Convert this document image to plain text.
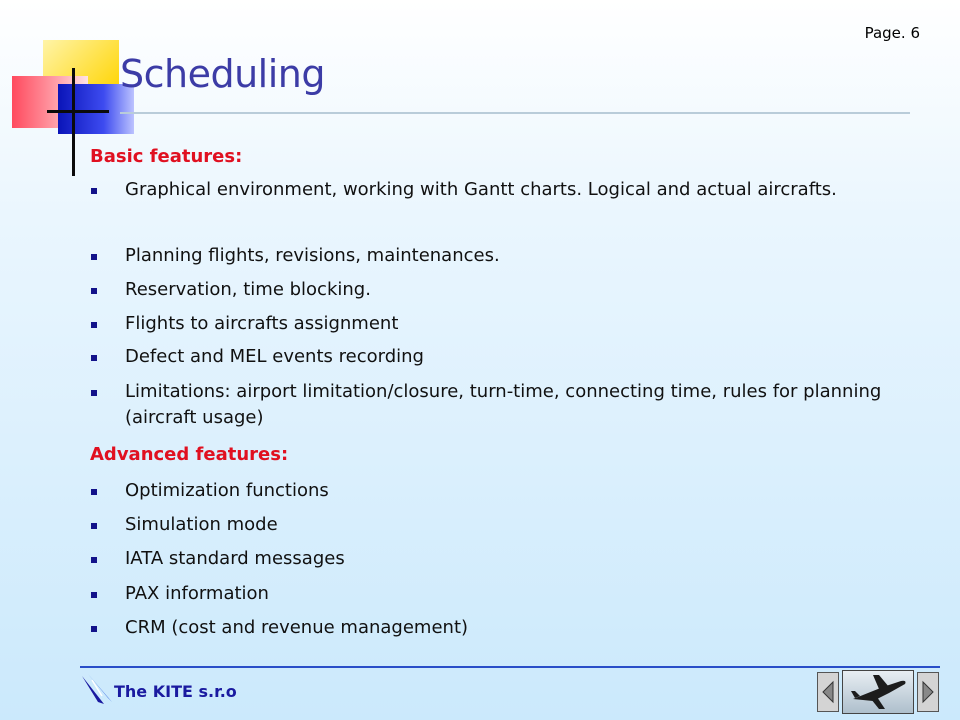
Page. 6
Scheduling
Basic features:
Graphical environment, working with Gantt charts. Logical and actual aircrafts.
Planning flights, revisions, maintenances.
Reservation, time blocking.
Flights to aircrafts assignment
Defect and MEL events recording
Limitations: airport limitation/closure, turn-time, connecting time, rules for planning (aircraft usage)
Advanced features:
Optimization functions
Simulation mode
IATA standard messages
PAX information
CRM (cost and revenue management)
The KITE s.r.o
